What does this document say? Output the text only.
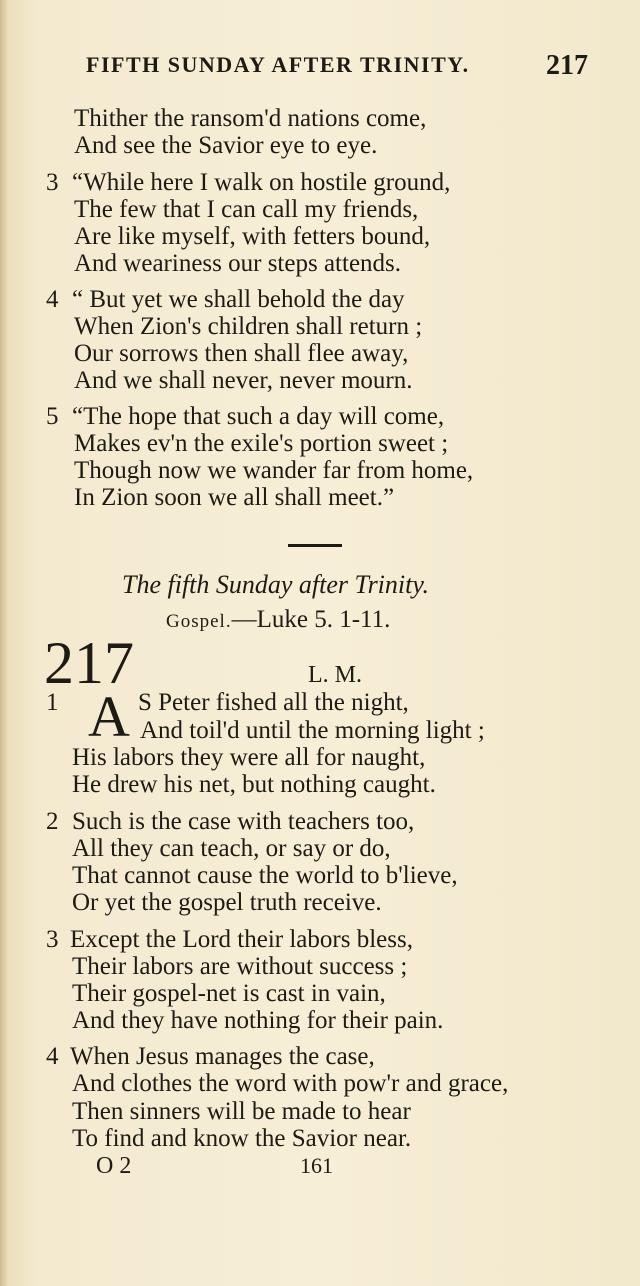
FIFTH SUNDAY AFTER TRINITY.	217
Thither the ransom'd nations come,
And see the Savior eye to eye.
3 “While here I walk on hostile ground,
The few that I can call my friends,
Are like myself, with fetters bound,
And weariness our steps attends.
4 “ But yet we shall behold the day
When Zion's children shall return ;
Our sorrows then shall flee away,
And we shall never, never mourn.
5 “The hope that such a day will come,
Makes ev'n the exile's portion sweet ;
Though now we wander far from home,
In Zion soon we all shall meet.”
The fifth Sunday after Trinity.
Gospel.—Luke 5. 1-11.
217	L. M.
1 A S Peter fished all the night,
And toil'd until the morning light ;
His labors they were all for naught,
He drew his net, but nothing caught.
2 Such is the case with teachers too,
All they can teach, or say or do,
That cannot cause the world to b'lieve,
Or yet the gospel truth receive.
3 Except the Lord their labors bless,
Their labors are without success ;
Their gospel-net is cast in vain,
And they have nothing for their pain.
4 When Jesus manages the case,
And clothes the word with pow'r and grace,
Then sinners will be made to hear
To find and know the Savior near.
O 2	161
